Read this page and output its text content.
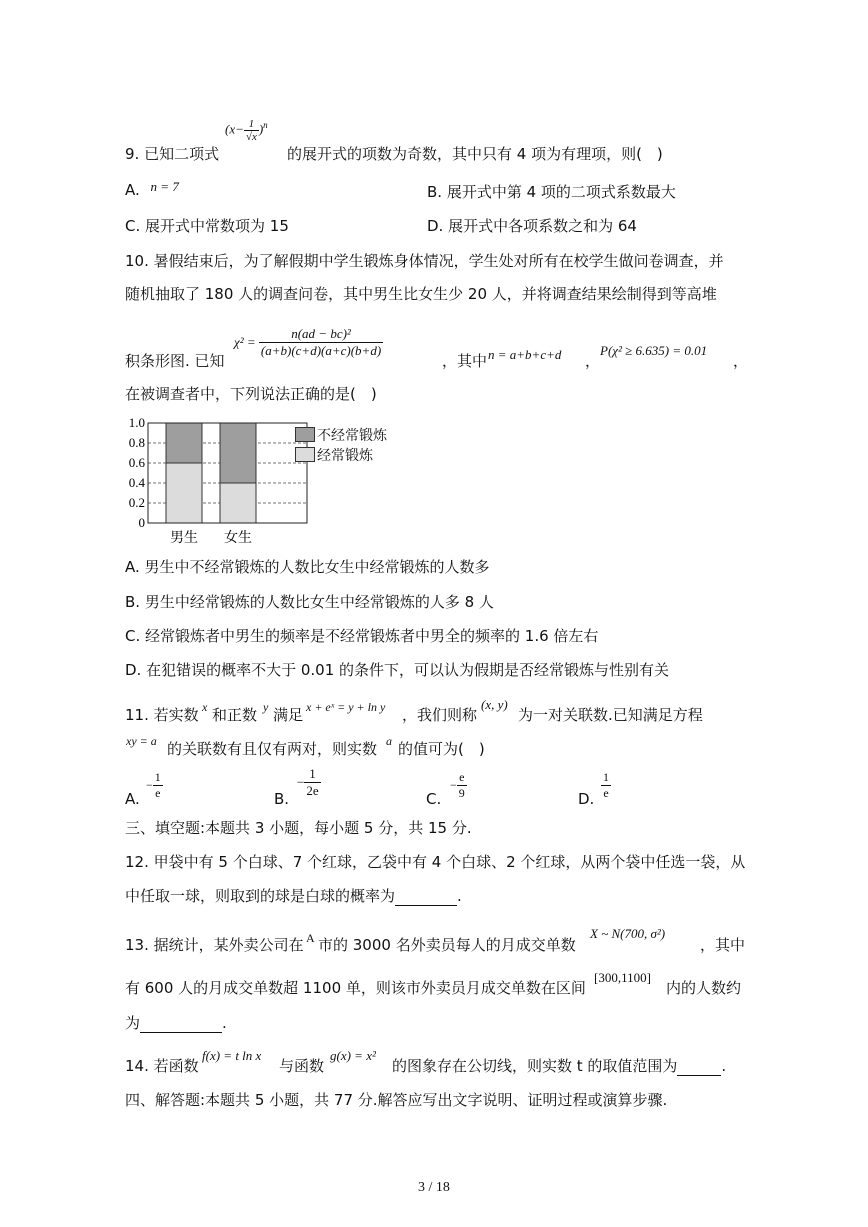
9. 已知二项式
$(x- \frac{1}{√x} )^n$
的展开式的项数为奇数，其中只有 4 项为有理项，则(　)
A. n = 7	B. 展开式中第 4 项的二项式系数最大
C. 展开式中常数项为 15	D. 展开式中各项系数之和为 64
10. 暑假结束后，为了解假期中学生锻炼身体情况，学生处对所有在校学生做问卷调查，并
随机抽取了 180 人的调查问卷，其中男生比女生少 20 人，并将调查结果绘制得到等高堆
积条形图. 已知
$\chi^2 = \frac{\text{n(ad − bc)²}}{(a+b)(c+d)(a+c)(b+d)}$
，其中 n = a+b+c+d ，
P(χ² ≥ 6.635) = 0.01
，
在被调查者中，下列说法正确的是(　)
0
0.2
0.4
0.6
0.8
1.0
男生 女生
不经常锻炼
经常锻炼
A. 男生中不经常锻炼的人数比女生中经常锻炼的人数多
B. 男生中经常锻炼的人数比女生中经常锻炼的人多 8 人
C. 经常锻炼者中男生的频率是不经常锻炼者中男全的频率的 1.6 倍左右
D. 在犯错误的概率不大于 0.01 的条件下，可以认为假期是否经常锻炼与性别有关
11. 若实数 x 和正数 y 满足 x + eˣ = y + ln y ，我们则称
(x, y)
为一对关联数.已知满足方程
xy = a 的关联数有且仅有两对，则实数 a 的值可为(　)
A.
− $\frac{1}{e}$	B.
− $\frac{1}{2e}$	C.
− $\frac{e}{9}$	D. $\frac{1}{e}$
三、填空题:本题共 3 小题，每小题 5 分，共 15 分.
12. 甲袋中有 5 个白球、7 个红球，乙袋中有 4 个白球、2 个红球，从两个袋中任选一袋，从
中任取一球，则取到的球是白球的概率为	.
13. 据统计，某外卖公司在 A 市的 3000 名外卖员每人的月成交单数
X ~ N(700, σ²)
，其中
有 600 人的月成交单数超 1100 单，则该市外卖员月成交单数在区间
[300,1100]
内的人数约
为	.
14. 若函数
f(x) = t ln x
与函数
g(x) = x²
的图象存在公切线，则实数 t 的取值范围为	.
四、解答题:本题共 5 小题，共 77 分.解答应写出文字说明、证明过程或演算步骤.
3 / 18
